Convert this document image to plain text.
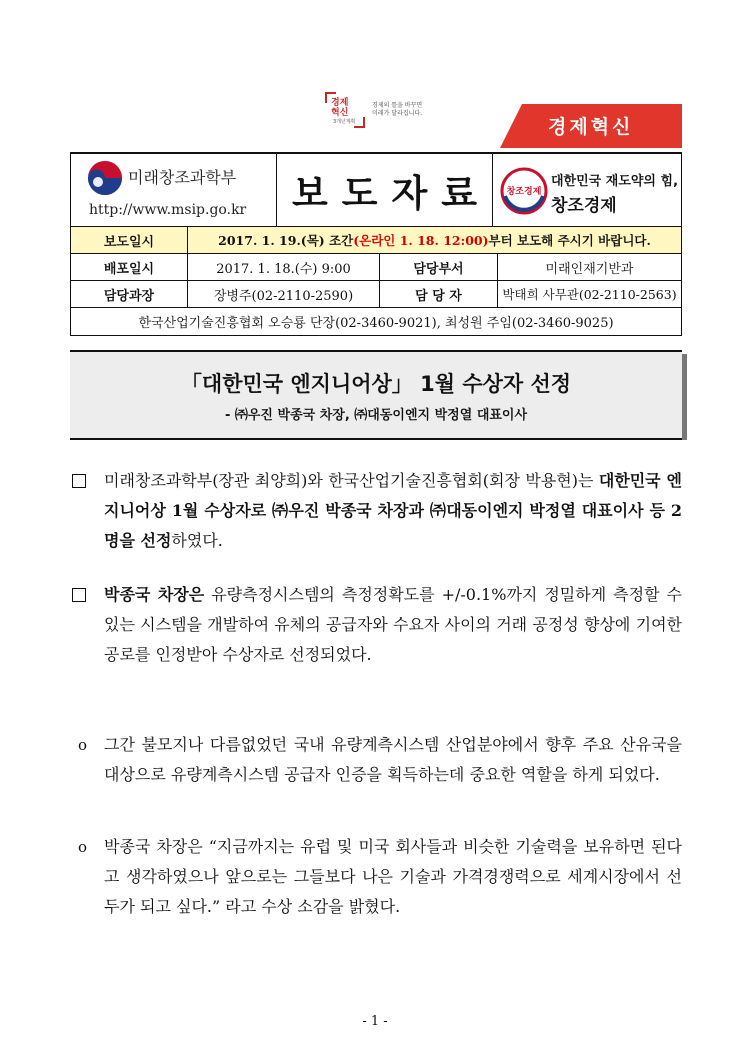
경제
혁신
3개년계획
경제의 틀을 바꾸면
미래가 달라집니다.
경제혁신
미래창조과학부
http://www.msip.go.kr 보도자료 창조경제
대한민국 재도약의 힘,
창조경제
보도일시	2017. 1. 19.(목) 조간 (온라인 1. 18. 12:00) 부터 보도해 주시기 바랍니다.
배포일시	2017. 1. 18.(수) 9:00	담당부서	미래인재기반과
담당과장	장병주(02-2110-2590)	담 당 자	박태희 사무관(02-2110-2563)
한국산업기술진흥협회 오승룡 단장(02-3460-9021), 최성원 주임(02-3460-9025)
「대한민국 엔지니어상」 1월 수상자 선정
- ㈜우진 박종국 차장, ㈜대동이엔지 박정열 대표이사
미래창조과학부(장관 최양희)와 한국산업기술진흥협회(회장 박용현)는 대한민국 엔지니어상 1월 수상자로 ㈜우진 박종국 차장과 ㈜대동이엔지 박정열 대표이사 등 2명을 선정하였다.
박종국 차장은 유량측정시스템의 측정정확도를 +/-0.1%까지 정밀하게 측정할 수 있는 시스템을 개발하여 유체의 공급자와 수요자 사이의 거래 공정성 향상에 기여한 공로를 인정받아 수상자로 선정되었다.
o	그간 불모지나 다름없었던 국내 유량계측시스템 산업분야에서 향후 주요 산유국을 대상으로 유량계측시스템 공급자 인증을 획득하는데 중요한 역할을 하게 되었다.
o	박종국 차장은 “지금까지는 유럽 및 미국 회사들과 비슷한 기술력을 보유하면 된다고 생각하였으나 앞으로는 그들보다 나은 기술과 가격경쟁력으로 세계시장에서 선두가 되고 싶다.” 라고 수상 소감을 밝혔다.
- 1 -
